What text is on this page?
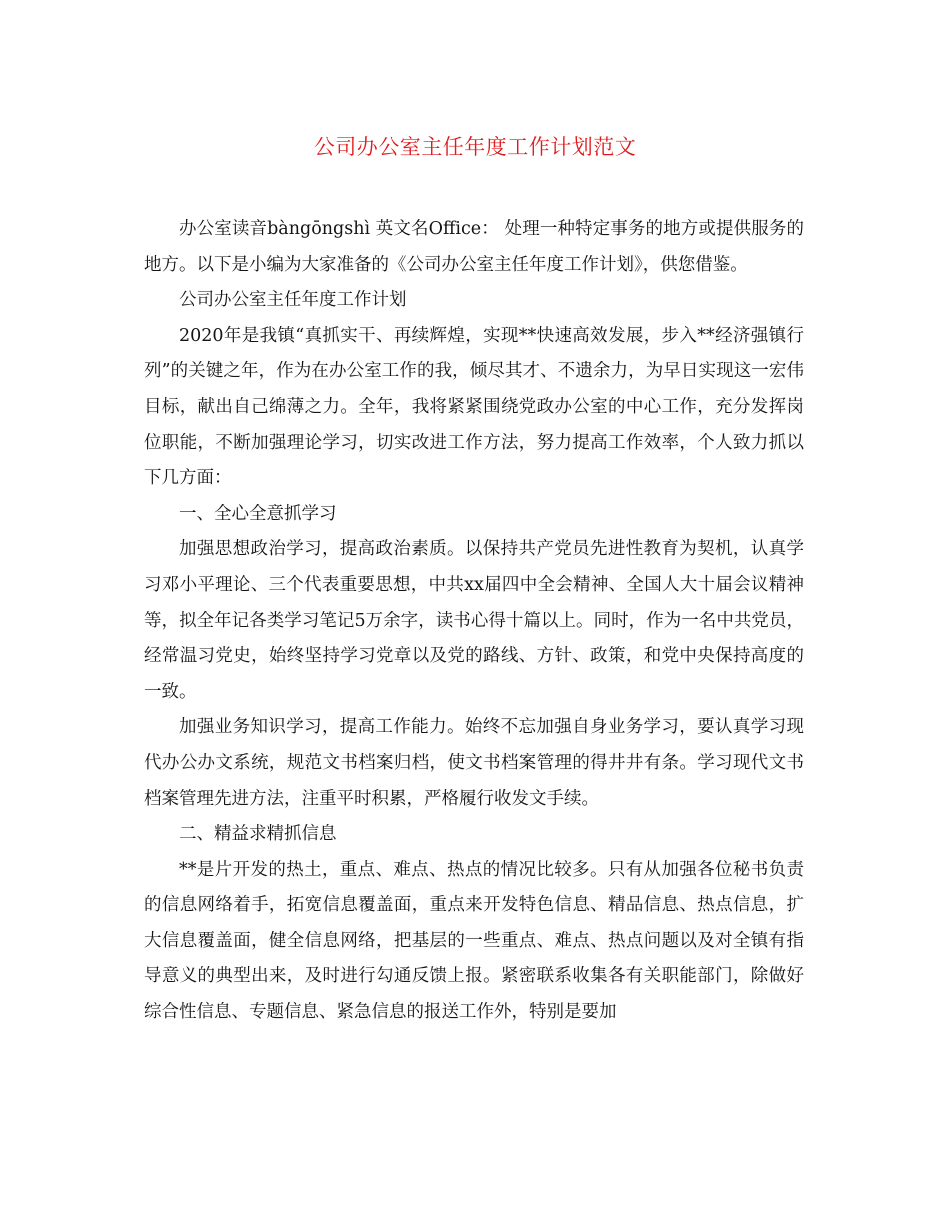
公司办公室主任年度工作计划范文

办公室读音bàngōngshì 英文名Office： 处理一种特定事务的地方或提供服务的地方。以下是小编为大家准备的《公司办公室主任年度工作计划》，供您借鉴。

公司办公室主任年度工作计划

2020年是我镇“真抓实干、再续辉煌，实现**快速高效发展，步入**经济强镇行列”的关键之年，作为在办公室工作的我，倾尽其才、不遗余力，为早日实现这一宏伟目标，献出自己绵薄之力。全年，我将紧紧围绕党政办公室的中心工作，充分发挥岗位职能，不断加强理论学习，切实改进工作方法，努力提高工作效率，个人致力抓以下几方面：

一、全心全意抓学习

加强思想政治学习，提高政治素质。以保持共产党员先进性教育为契机，认真学习邓小平理论、三个代表重要思想，中共xx届四中全会精神、全国人大十届会议精神等，拟全年记各类学习笔记5万余字，读书心得十篇以上。同时，作为一名中共党员，经常温习党史，始终坚持学习党章以及党的路线、方针、政策，和党中央保持高度的一致。

加强业务知识学习，提高工作能力。始终不忘加强自身业务学习，要认真学习现代办公办文系统，规范文书档案归档，使文书档案管理的得井井有条。学习现代文书档案管理先进方法，注重平时积累，严格履行收发文手续。

二、精益求精抓信息

**是片开发的热土，重点、难点、热点的情况比较多。只有从加强各位秘书负责的信息网络着手，拓宽信息覆盖面，重点来开发特色信息、精品信息、热点信息，扩大信息覆盖面，健全信息网络，把基层的一些重点、难点、热点问题以及对全镇有指导意义的典型出来，及时进行勾通反馈上报。紧密联系收集各有关职能部门，除做好综合性信息、专题信息、紧急信息的报送工作外，特别是要加
